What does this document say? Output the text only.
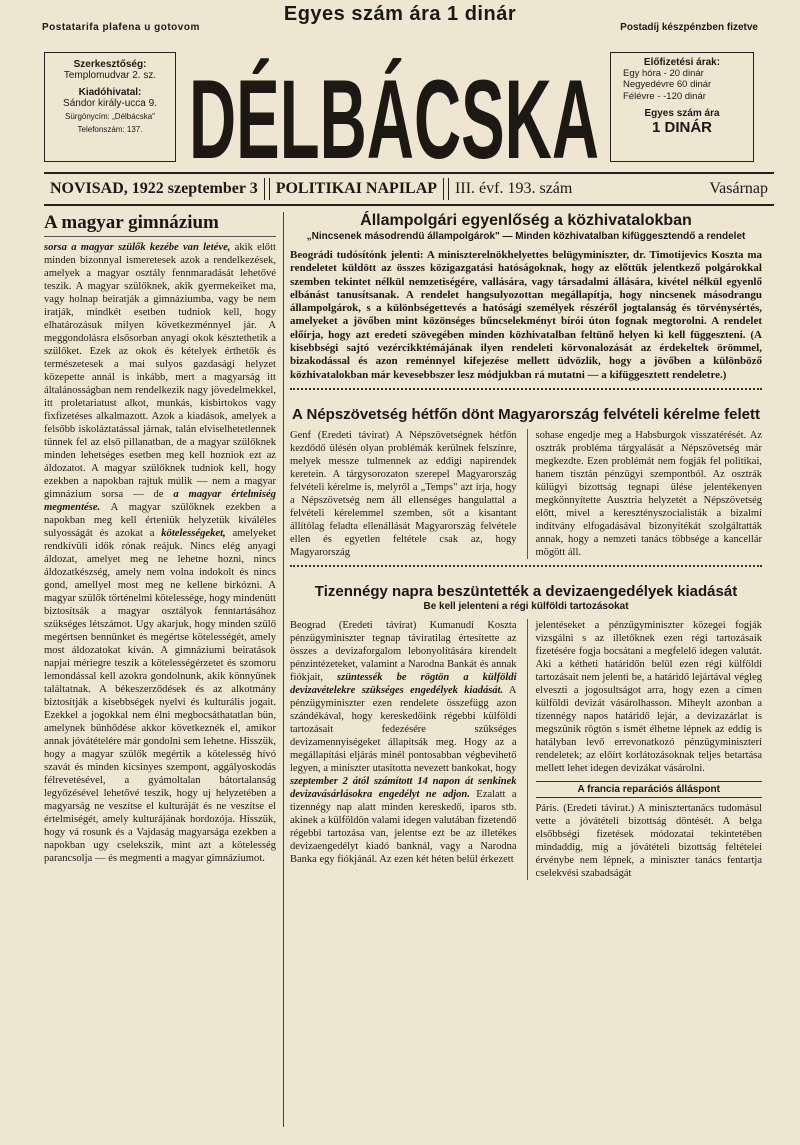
Postatarifa plafena u gotovom
Egyes szám ára 1 dinár
Postadíj készpénzben fizetve
Szerkesztőség:
Templomudvar 2. sz.
Kiadóhivatal:
Sándor király-ucca 9.
Sürgönycím: „Délbácska"
Telefonszám: 137. DÉLBÁCSKA	Előfizetési árak:
Egy hóra - 20 dinár
Negyedévre 60 dinár
Félévre - -120 dinár
Egyes szám ára
1 DINÁR
NOVISAD, 1922 szeptember 3	POLITIKAI NAPILAP	III. évf. 193. szám	Vasárnap
A magyar gimnázium

sorsa a magyar szülők kezébe van letéve, akik előtt minden bizonnyal ismeretesek azok a rendelkezések, amelyek a magyar osztály fennmaradását lehetővé teszik. A magyar szülőknek, akik gyermekeiket ma, vagy holnap beiratják a gimnáziumba, vagy be nem iratják, mindkét esetben tudniok kell, hogy elhatározásuk milyen következménnyel jár. A meggondolásra elsősorban anyagi okok késztethetik a szülőket. Ezek az okok és kételyek érthetők és természetesek a mai sulyos gazdasági helyzet közepette annál is inkább, mert a magyarság itt általánosságban nem rendelkezik nagy jövedelmekkel, itt proletariatust alkot, munkás, kisbirtokos vagy fixfizetéses alkalmazott. Azok a kiadások, amelyek a felsőbb iskoláztatással járnak, talán elviselhetetlennek tünnek fel az első pillanatban, de a magyar szülőknek minden lehetséges esetben meg kell hozniok ezt az áldozatot. A magyar szülőknek tudniok kell, hogy ezekben a napokban rajtuk múlik — nem a magyar gimnázium sorsa — de a magyar értelmiség megmentése. A magyar szülőknek ezekben a napokban meg kell érteniük helyzetük kiváléles sulyosságát és azokat a kötelességeket, amelyeket rendkívüli idők rónak reájuk. Nincs elég anyagi áldozat, amelyet meg ne lehetne hozni, nincs áldozatkészség, amely nem volna indokolt és nincs gond, amellyel most meg ne kellene birkózni. A magyar szülők történelmi kötelessége, hogy mindenütt biztosítsák a magyar osztályok fenntartásához szükséges létszámot. Ugy akarjuk, hogy minden szülő megértsen bennünket és megértse kötelességét, amely most áldozatokat kíván. A gimnáziumi beiratások napjai mériegre teszik a kötelességérzetet és szomoru lemondással kell azokra gondolnunk, akik könnyűnek találtatnak. A békeszerződések és az alkotmány biztosítják a kisebbségek nyelvi és kulturális jogait. Ezekkel a jogokkal nem élni megbocsáthatatlan bün, amelynek bünhődése akkor következnék el, amikor annak jóvátételére már gondolni sem lehetne. Hisszük, hogy a magyar szülők megértik a kötelesség hívó szavát és minden kicsinyes szempont, aggályoskodás félrevetésével, a gyámoltalan bátortalanság legyőzésével lehetővé teszik, hogy uj helyzetében a magyarság ne veszítse el kulturáját és ne veszítse el értelmiségét, amely kulturájának hordozója. Hisszük, hogy vá rosunk és a Vajdaság magyarsága ezekben a napokban ugy cselekszik, mint azt a kötelesség parancsolja — és megmenti a magyar gimnáziumot.

Állampolgári egyenlőség a közhivatalokban
„Nincsenek másodrendü állampolgárok" — Minden közhivatalban kifüggesztendő a rendelet

Beográdi tudósítónk jelenti: A miniszterelnökhelyettes belügyminiszter, dr. Timotijevics Koszta ma rendeletet küldött az összes közigazgatási hatóságoknak, hogy az előttük jelentkező polgárokkal szemben tekintet nélkül nemzetiségére, vallására, vagy társadalmi állására, kivétel nélkül egyenlő elbánást tanusítsanak. A rendelet hangsulyozottan megállapítja, hogy nincsenek másodrangu állampolgárok, s a különbségettevés a hatósági személyek részéről jogtalanság és törvénysértés, amelyeket a jövőben mint közönséges bűncselekményt bírói úton fognak megtorolni. A rendelet előírja, hogy azt eredeti szövegében minden közhivatalban feltünő helyen ki kell függeszteni. (A kisebbségi sajtó vezércikktémájának ilyen rendeleti körvonalozását az érdekeltek örömmel, bizakodással és azon reménnyel kifejezése mellett üdvözlik, hogy a jövőben a különböző közhivatalokban már kevesebbszer lesz módjukban rá mutatni — a kifüggesztett rendeletre.)

A Népszövetség hétfőn dönt Magyarország felvételi kérelme felett

Genf (Eredeti távirat) A Népszövetségnek hétfőn kezdődő ülésén olyan problémák kerülnek felszínre, melyek messze tulmennek az eddigi napirendek keretein. A tárgysorozaton szerepel Magyarország felvételi kérelme is, melyről a „Temps" azt írja, hogy a Népszövetség nem áll ellenséges hangulattal a felvételi kérelemmel szemben, sőt a kisantant állítólag feladta ellenállását Magyarország felvétele ellen és egyetlen feltétele csak az, hogy Magyarország

sohase engedje meg a Habsburgok visszatérését. Az osztrák probléma tárgyalását a Népszövetség már megkezdte. Ezen problémát nem fogják fel politikai, hanem tisztán pénzügyi szempontból. Az osztrák külügyi bizottság tegnapi ülése jelentékenyen megkönnyítette Ausztria helyzetét a Népszövetség előtt, mivel a keresztényszocialisták a bizalmi indítvány elfogadásával bizonyítékát szolgáltatták annak, hogy a nemzeti tanács többsége a kancellár mögött áll.

Tizennégy napra beszüntették a devizaengedélyek kiadását
Be kell jelenteni a régi külföldi tartozásokat

Beograd (Eredeti távirat) Kumanudi Koszta pénzügyminiszter tegnap táviratilag értesítette az összes a devizaforgalom lebonyolítására kirendelt pénzintézeteket, valamint a Narodna Bankát és annak fiókjait, szüntessék be rögtön a külföldi devizavételekre szükséges engedélyek kiadását. A pénzügyminiszter ezen rendelete összefügg azon szándékával, hogy kereskedőink régebbi külföldi tartozásait fedezésére szükséges devizamennyiségeket állapítsák meg. Hogy az a megállapítási eljárás minél pontosabban végbevihető legyen, a miniszter utasította nevezett bankokat, hogy szeptember 2 ától számított 14 napon át senkinek devizavásárlásokra engedélyt ne adjon. Ezalatt a tizennégy nap alatt minden kereskedő, iparos stb. akinek a külföldön valami idegen valutában fizetendő régebbi tartozása van, jelentse ezt be az illetékes devizaengedélyt kiadó banknál, vagy a Narodna Banka egy fiókjánál. Az ezen két héten belül érkezett

jelentéseket a pénzügyminiszter közegei fogják vizsgálni s az illetőknek ezen régi tartozásaik fizetésére fogja bocsátani a megfelelő idegen valutát. Aki a kétheti határidőn belül ezen régi külföldi tartozásait nem jelenti be, a határidő lejártával végleg elveszti a jogosultságot arra, hogy ezen a címen külföldi devizát vásárolhasson. Miheylt azonban a tizennégy napos határidő lejár, a devizazárlat is megszünik rögtön s ismét élhetne lépnek az eddig is hatályban levő errevonatkozó pénzügyminiszteri rendeletek; az előírt korlátozásoknak teljes betartása mellett lehet idegen devizákat vásárolni.

A francia reparációs álláspont

Páris. (Eredeti távirat.) A minisztertanács tudomásul vette a jóvátételi bizottság döntését. A belga elsőbbségi fizetések módozatai tekintetében mindaddig, míg a jóvátételi bizottság feltételei érvénybe nem lépnek, a miniszter tanács fentartja cselekvési szabadságát
